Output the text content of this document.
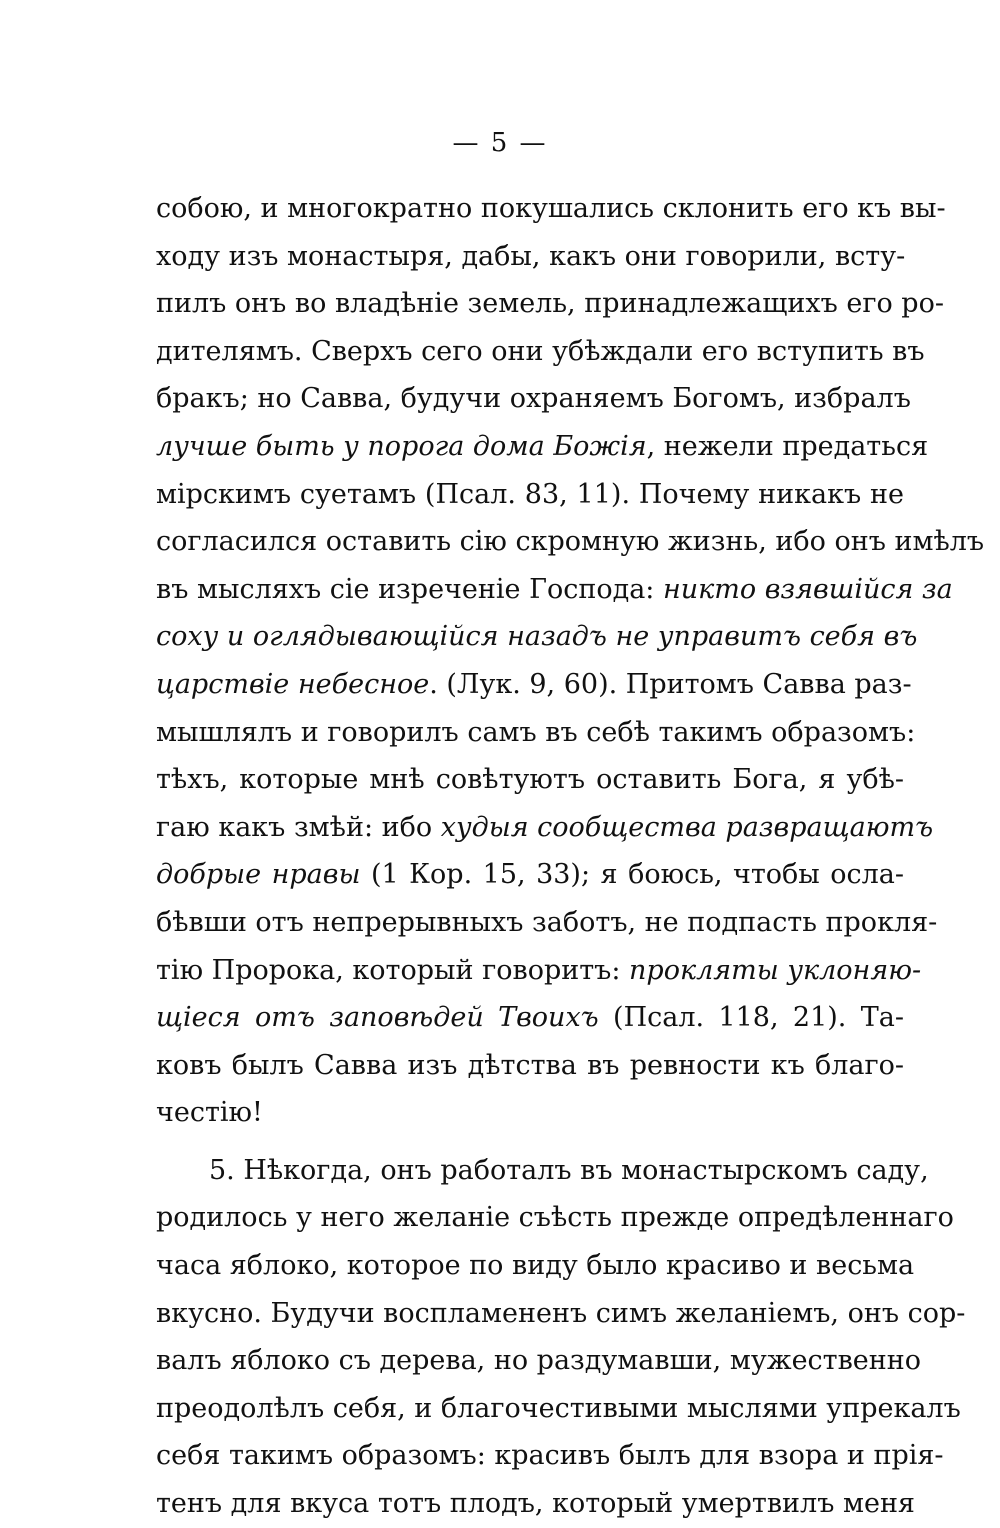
— 5 —
собою, и многократно покушались склонить его къ вы-
ходу изъ монастыря, дабы, какъ они говорили, всту-
пилъ онъ во владѣніе земель, принадлежащихъ его ро-
дителямъ. Сверхъ сего они убѣждали его вступить въ
бракъ; но Савва, будучи охраняемъ Богомъ, избралъ
лучше быть у порога дома Божія, нежели предаться
мірскимъ суетамъ (Псал. 83, 11). Почему никакъ не
согласился оставить сію скромную жизнь, ибо онъ имѣлъ
въ мысляхъ сіе изреченіе Господа: никто взявшійся за
соху и оглядывающійся назадъ не управитъ себя въ
царствіе небесное. (Лук. 9, 60). Притомъ Савва раз-
мышлялъ и говорилъ самъ въ себѣ такимъ образомъ:
тѣхъ, которые мнѣ совѣтуютъ оставить Бога, я убѣ-
гаю какъ змѣй: ибо худыя сообщества развращаютъ
добрые нравы (1 Кор. 15, 33); я боюсь, чтобы осла-
бѣвши отъ непрерывныхъ заботъ, не подпасть прокля-
тію Пророка, который говоритъ: прокляты уклоняю-
щіеся отъ заповѣдей Твоихъ (Псал. 118, 21). Та-
ковъ былъ Савва изъ дѣтства въ ревности къ благо-
честію!
5. Нѣкогда, онъ работалъ въ монастырскомъ саду,
родилось у него желаніе съѣсть прежде опредѣленнаго
часа яблоко, которое по виду было красиво и весьма
вкусно. Будучи воспламененъ симъ желаніемъ, онъ сор-
валъ яблоко съ дерева, но раздумавши, мужественно
преодолѣлъ себя, и благочестивыми мыслями упрекалъ
себя такимъ образомъ: красивъ былъ для взора и прія-
тенъ для вкуса тотъ плодъ, который умертвилъ меня
